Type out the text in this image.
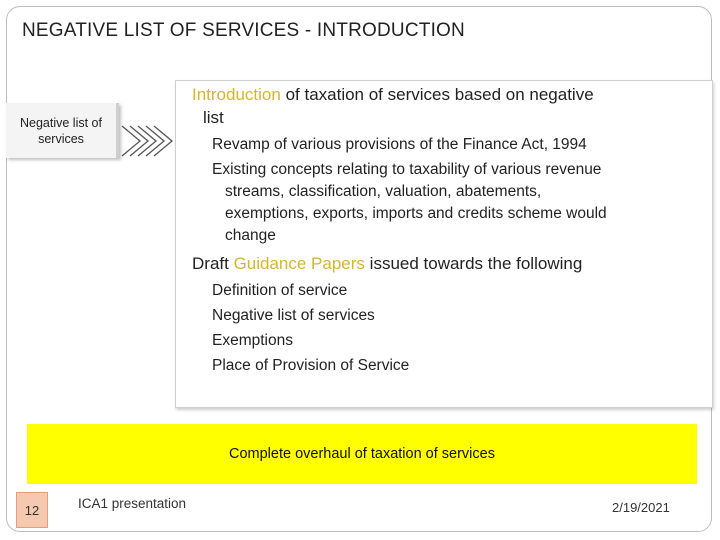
NEGATIVE LIST OF SERVICES - INTRODUCTION
Negative list of services
Introduction of taxation of services based on negative
list
Revamp of various provisions of the Finance Act, 1994
Existing concepts relating to taxability of various revenue
streams, classification, valuation, abatements,
exemptions, exports, imports and credits scheme would
change
Draft Guidance Papers issued towards the following
Definition of service
Negative list of services
Exemptions
Place of Provision of Service
Complete overhaul of taxation of services
12	ICA1 presentation	2/19/2021
